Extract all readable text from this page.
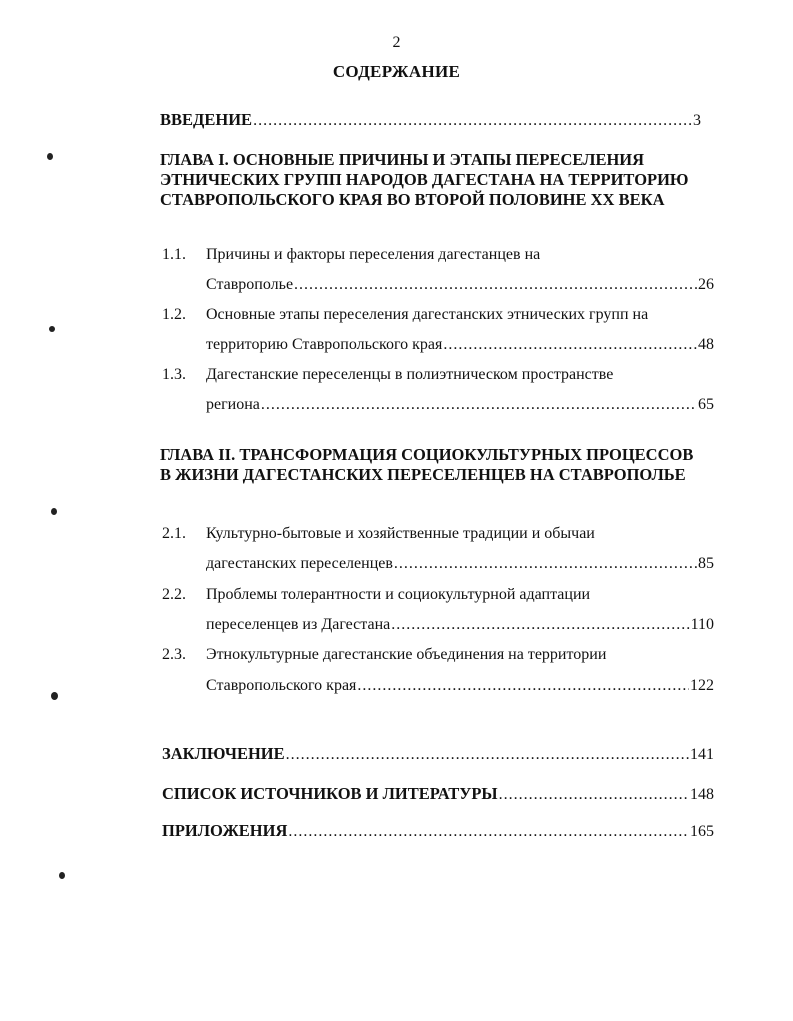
2
СОДЕРЖАНИЕ
ВВЕДЕНИЕ .....	3
ГЛАВА I. ОСНОВНЫЕ ПРИЧИНЫ И ЭТАПЫ ПЕРЕСЕЛЕНИЯ ЭТНИЧЕСКИХ ГРУПП НАРОДОВ ДАГЕСТАНА НА ТЕРРИТОРИЮ СТАВРОПОЛЬСКОГО КРАЯ ВО ВТОРОЙ ПОЛОВИНЕ XX ВЕКА
1.1. Причины и факторы переселения дагестанцев на
Ставрополье .....	26
1.2. Основные этапы переселения дагестанских этнических групп на
территорию Ставропольского края .....	48
1.3. Дагестанские переселенцы в полиэтническом пространстве
региона .....	65
ГЛАВА II. ТРАНСФОРМАЦИЯ СОЦИОКУЛЬТУРНЫХ ПРОЦЕССОВ В ЖИЗНИ ДАГЕСТАНСКИХ ПЕРЕСЕЛЕНЦЕВ НА СТАВРОПОЛЬЕ
2.1. Культурно-бытовые и хозяйственные традиции и обычаи
дагестанских переселенцев .....	85
2.2. Проблемы толерантности и социокультурной адаптации
переселенцев из Дагестана .....	110
2.3. Этнокультурные дагестанские объединения на территории
Ставропольского края .....	122
ЗАКЛЮЧЕНИЕ .....	141
СПИСОК ИСТОЧНИКОВ И ЛИТЕРАТУРЫ .....	148
ПРИЛОЖЕНИЯ .....	165
